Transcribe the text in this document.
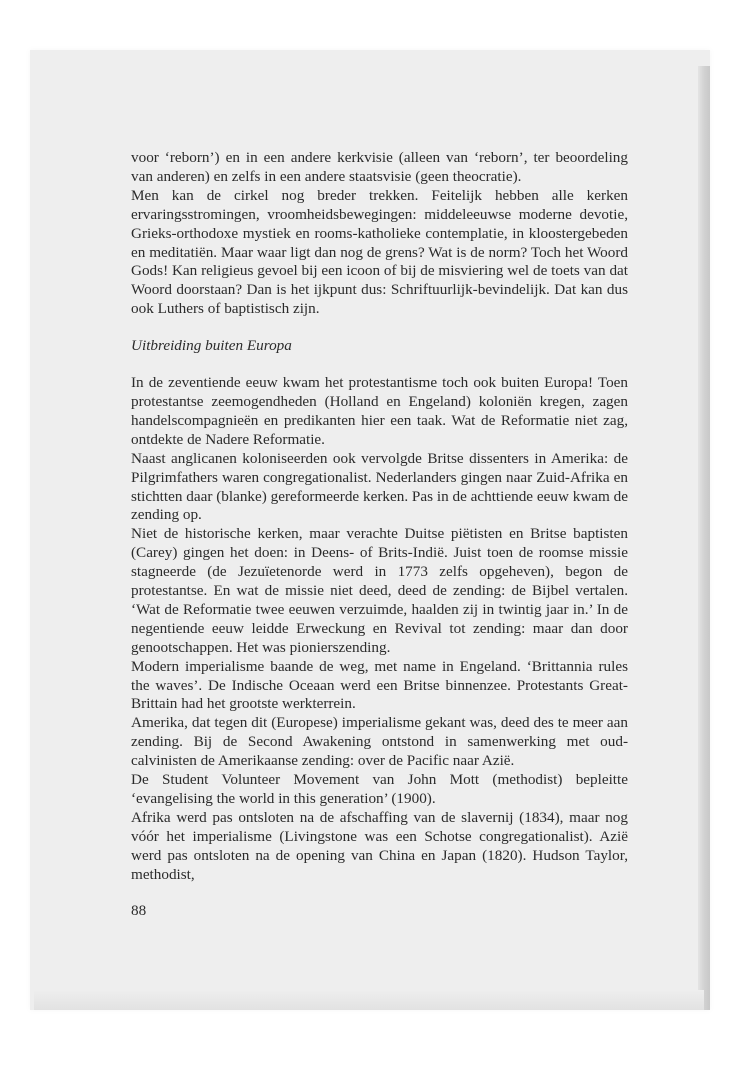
voor ‘reborn’) en in een andere kerkvisie (alleen van ‘reborn’, ter beoordeling van anderen) en zelfs in een andere staatsvisie (geen theocratie).

Men kan de cirkel nog breder trekken. Feitelijk hebben alle kerken ervaringsstromingen, vroomheidsbewegingen: middeleeuwse moderne devotie, Grieks-orthodoxe mystiek en rooms-katholieke contemplatie, in kloostergebeden en meditatiën. Maar waar ligt dan nog de grens? Wat is de norm? Toch het Woord Gods! Kan religieus gevoel bij een icoon of bij de misviering wel de toets van dat Woord doorstaan? Dan is het ijkpunt dus: Schriftuurlijk-bevindelijk. Dat kan dus ook Luthers of baptistisch zijn.

Uitbreiding buiten Europa

In de zeventiende eeuw kwam het protestantisme toch ook buiten Europa! Toen protestantse zeemogendheden (Holland en Engeland) koloniën kregen, zagen handelscompagnieën en predikanten hier een taak. Wat de Reformatie niet zag, ontdekte de Nadere Reformatie.

Naast anglicanen koloniseerden ook vervolgde Britse dissenters in Amerika: de Pilgrimfathers waren congregationalist. Nederlanders gingen naar Zuid-Afrika en stichtten daar (blanke) gereformeerde kerken. Pas in de achttiende eeuw kwam de zending op.

Niet de historische kerken, maar verachte Duitse piëtisten en Britse baptisten (Carey) gingen het doen: in Deens- of Brits-Indië. Juist toen de roomse missie stagneerde (de Jezuïetenorde werd in 1773 zelfs opgeheven), begon de protestantse. En wat de missie niet deed, deed de zending: de Bijbel vertalen. ‘Wat de Reformatie twee eeuwen verzuimde, haalden zij in twintig jaar in.’ In de negentiende eeuw leidde Erweckung en Revival tot zending: maar dan door genootschappen. Het was pionierszending.

Modern imperialisme baande de weg, met name in Engeland. ‘Brittannia rules the waves’. De Indische Oceaan werd een Britse binnenzee. Protestants Great-Brittain had het grootste werkterrein.

Amerika, dat tegen dit (Europese) imperialisme gekant was, deed des te meer aan zending. Bij de Second Awakening ontstond in samenwerking met oud-calvinisten de Amerikaanse zending: over de Pacific naar Azië.

De Student Volunteer Movement van John Mott (methodist) bepleitte ‘evangelising the world in this generation’ (1900).

Afrika werd pas ontsloten na de afschaffing van de slavernij (1834), maar nog vóór het imperialisme (Livingstone was een Schotse congregationalist). Azië werd pas ontsloten na de opening van China en Japan (1820). Hudson Taylor, methodist,

88
